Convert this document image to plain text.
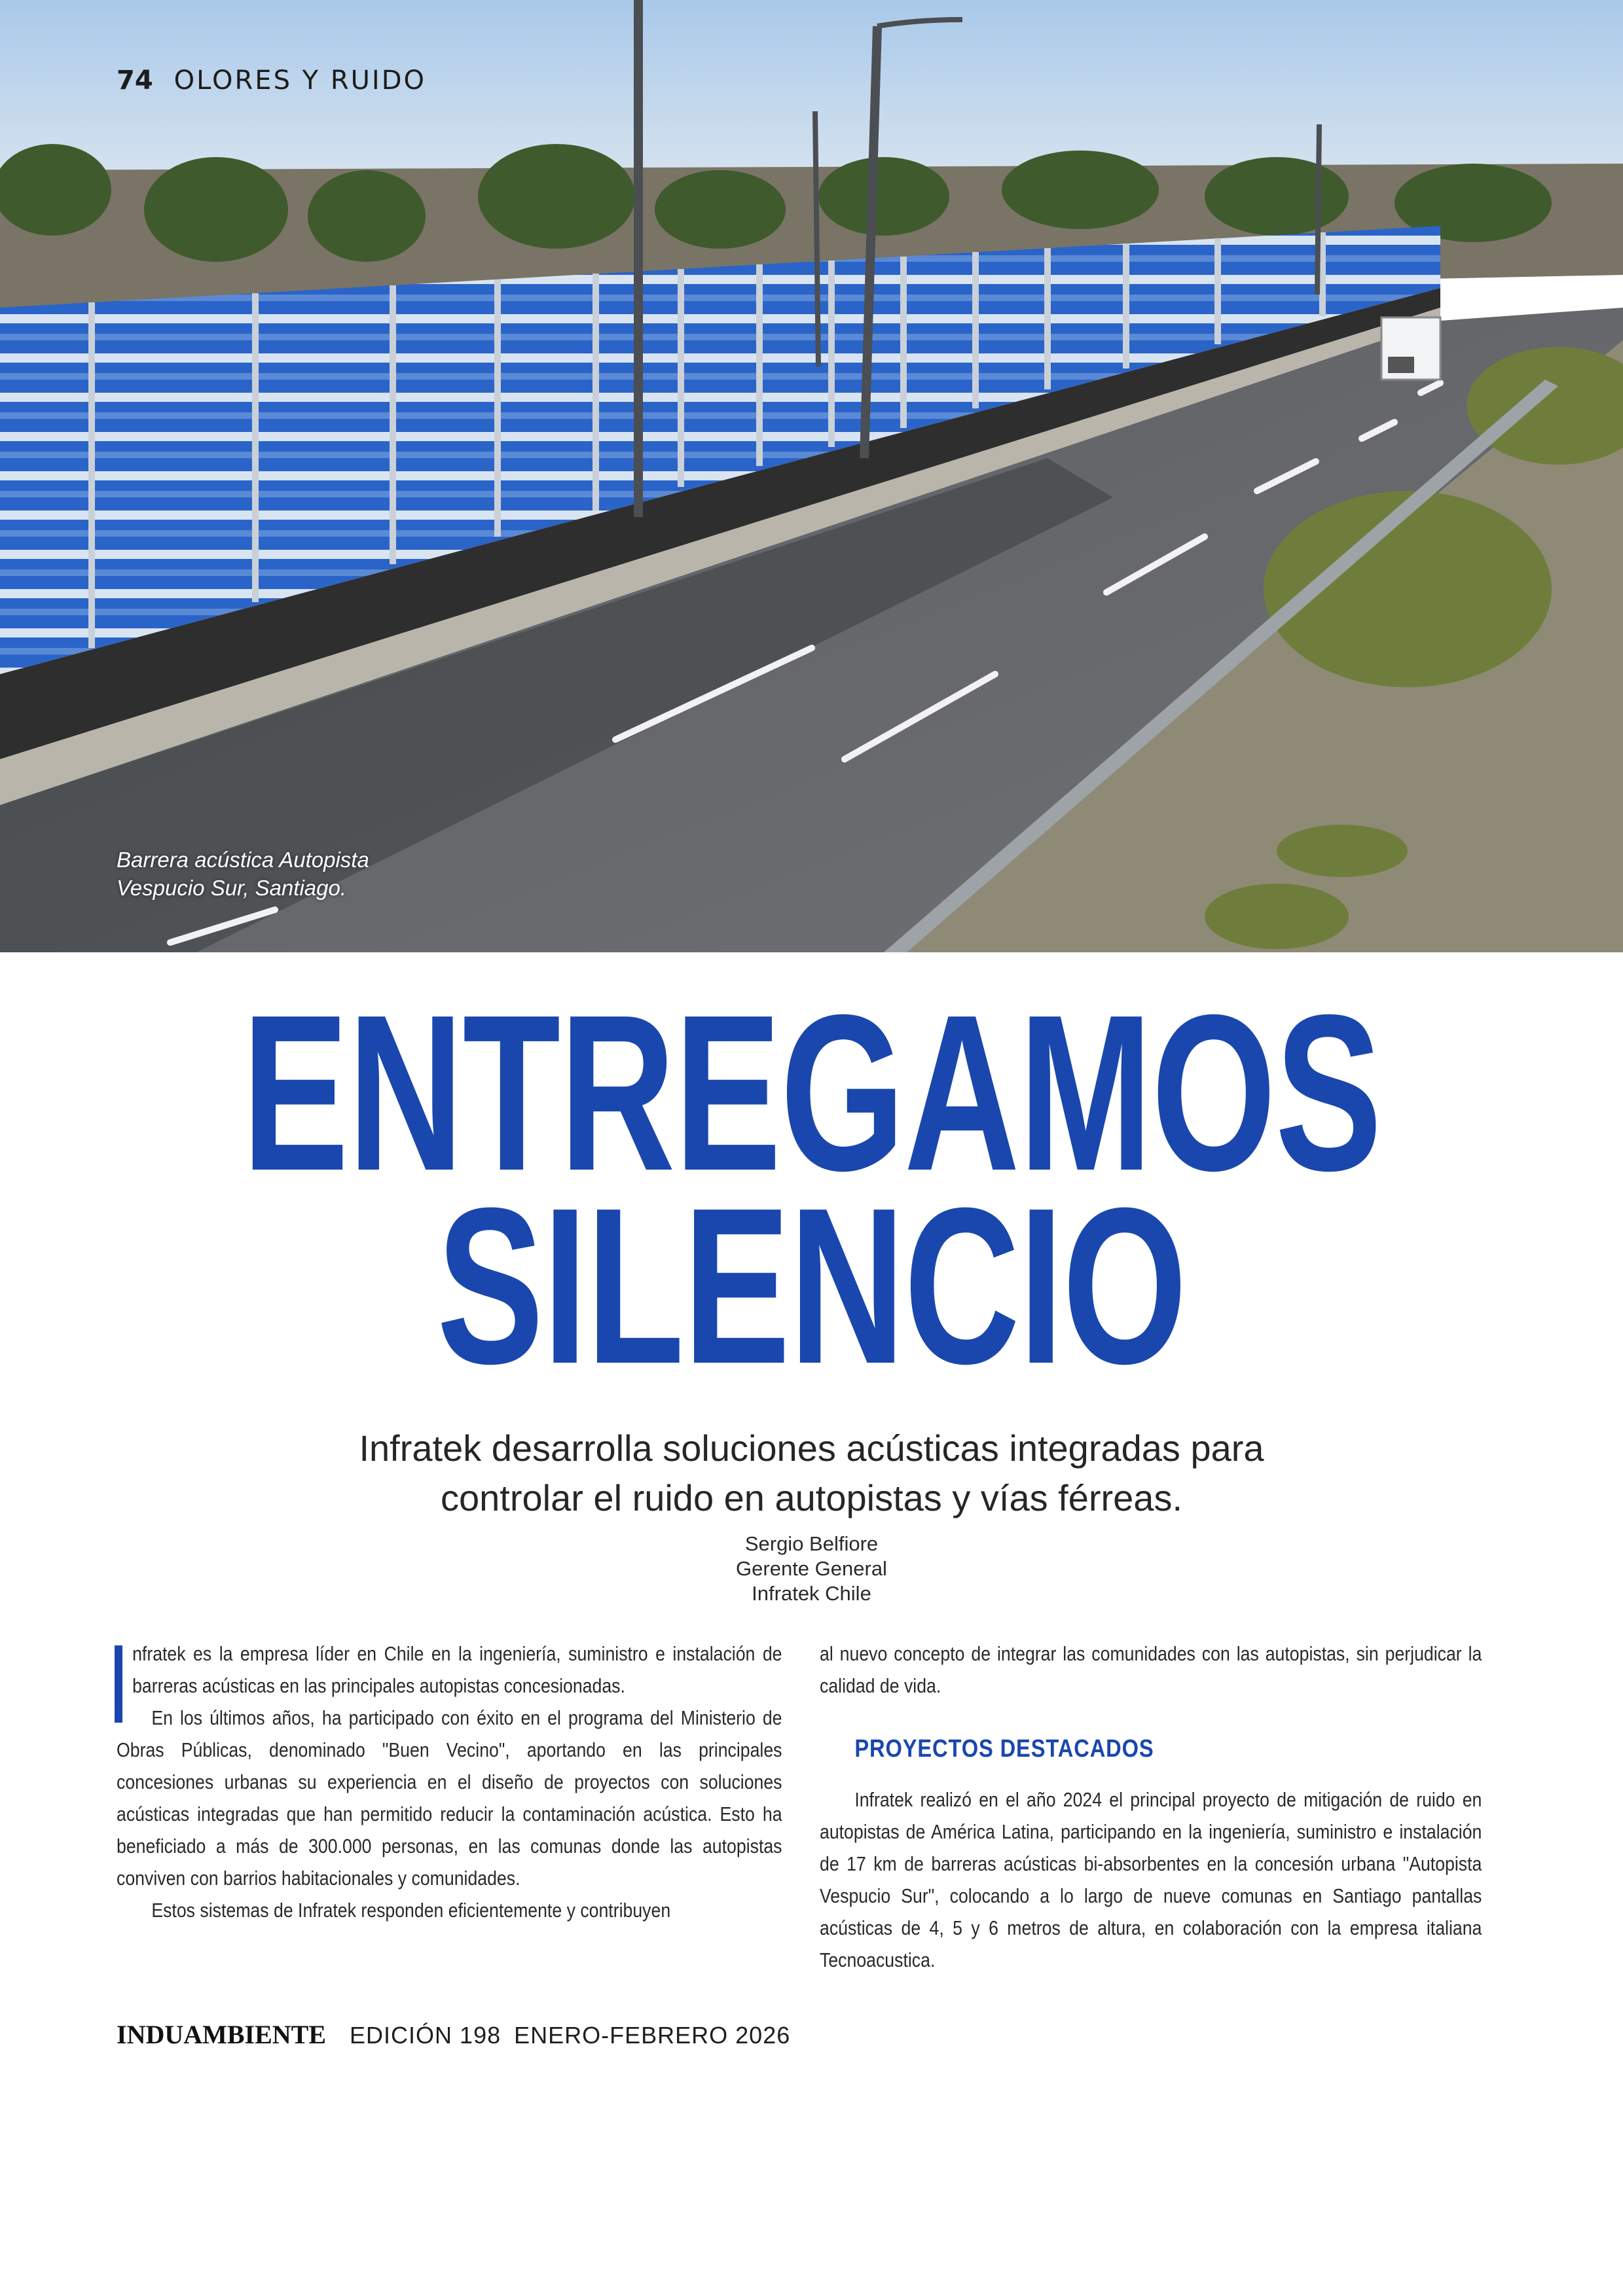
74 OLORES Y RUIDO
Barrera acústica Autopista
Vespucio Sur, Santiago.
ENTREGAMOS
SILENCIO
Infratek desarrolla soluciones acústicas integradas para
controlar el ruido en autopistas y vías férreas.
Sergio Belfiore
Gerente General
Infratek Chile

nfratek es la empresa líder en Chile en la ingeniería, suministro e instalación de barreras acústicas en las principales autopistas concesionadas.

En los últimos años, ha participado con éxito en el programa del Ministerio de Obras Públicas, denominado "Buen Vecino", aportando en las principales concesiones urbanas su experiencia en el diseño de proyectos con soluciones acústicas integradas que han permitido reducir la contaminación acústica. Esto ha beneficiado a más de 300.000 personas, en las comunas donde las autopistas conviven con barrios habitacionales y comunidades.

Estos sistemas de Infratek responden eficientemente y contribuyen

al nuevo concepto de integrar las comunidades con las autopistas, sin perjudicar la calidad de vida.

PROYECTOS DESTACADOS

Infratek realizó en el año 2024 el principal proyecto de mitigación de ruido en autopistas de América Latina, participando en la ingeniería, suministro e instalación de 17 km de barreras acústicas bi-absorbentes en la concesión urbana "Autopista Vespucio Sur", colocando a lo largo de nueve comunas en Santiago pantallas acústicas de 4, 5 y 6 metros de altura, en colaboración con la empresa italiana Tecnoacustica.

INDUAMBIENTE EDICIÓN 198 ENERO-FEBRERO 2026
